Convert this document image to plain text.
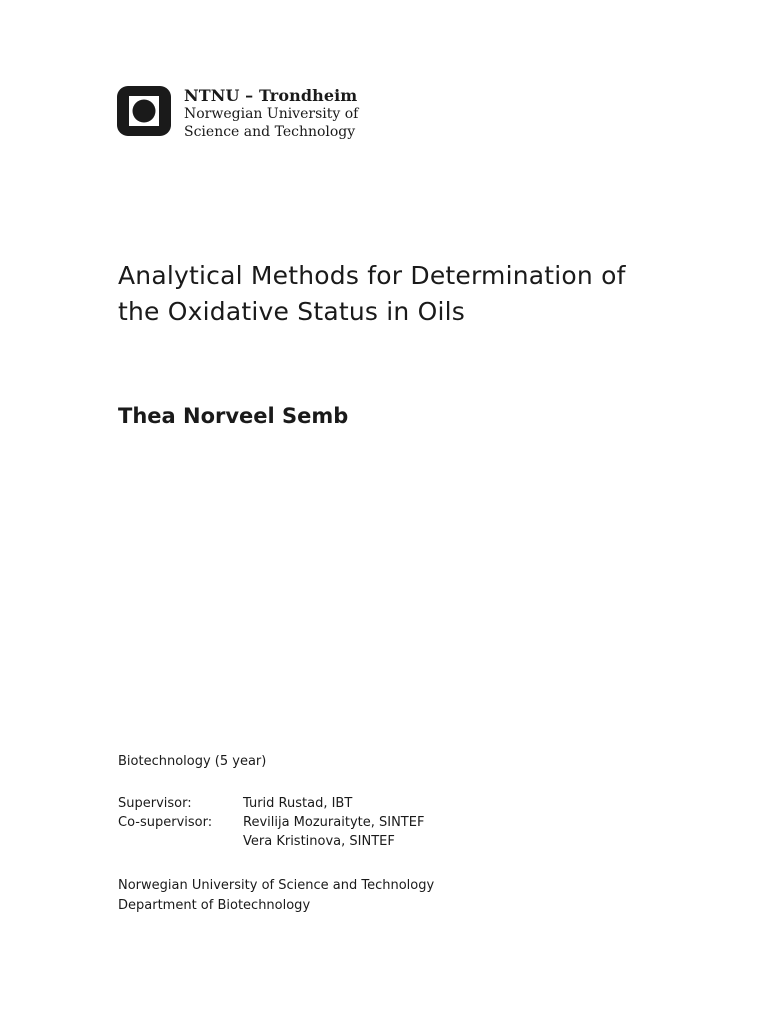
NTNU – Trondheim
Norwegian University of
Science and Technology
Analytical Methods for Determination of
the Oxidative Status in Oils
Thea Norveel Semb
Biotechnology (5 year)
Supervisor:	Turid Rustad, IBT
Co-supervisor:	Revilija Mozuraityte, SINTEF
Vera Kristinova, SINTEF
Norwegian University of Science and Technology
Department of Biotechnology
